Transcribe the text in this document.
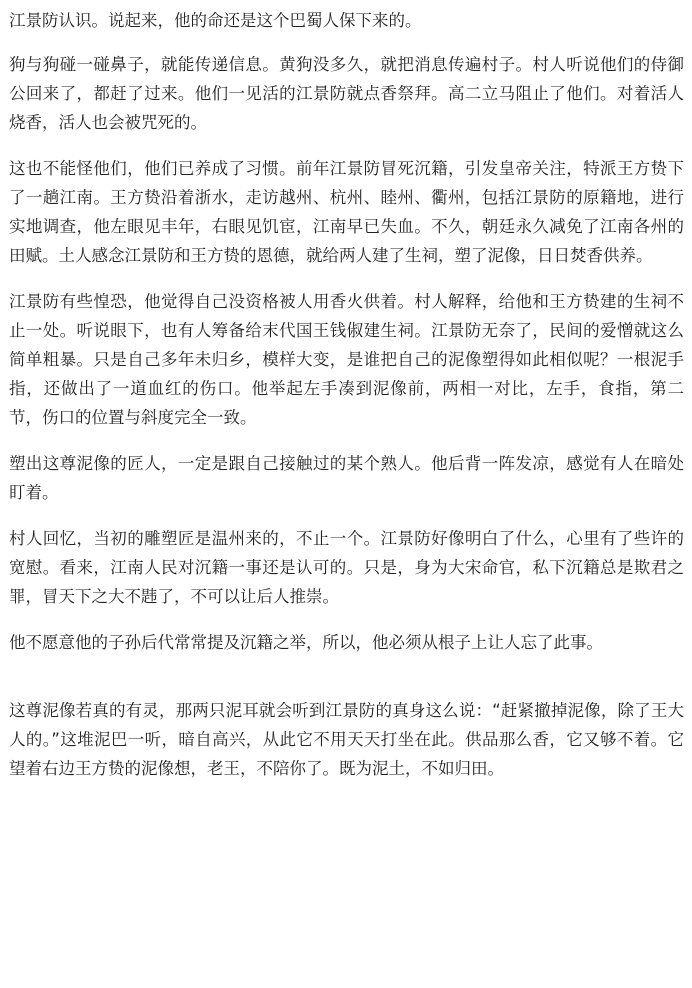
江景防认识。说起来，他的命还是这个巴蜀人保下来的。

狗与狗碰一碰鼻子，就能传递信息。黄狗没多久，就把消息传遍村子。村人听说他们的侍御公回来了，都赶了过来。他们一见活的江景防就点香祭拜。高二立马阻止了他们。对着活人烧香，活人也会被咒死的。

这也不能怪他们，他们已养成了习惯。前年江景防冒死沉籍，引发皇帝关注，特派王方贽下了一趟江南。王方贽沿着浙水，走访越州、杭州、睦州、衢州，包括江景防的原籍地，进行实地调查，他左眼见丰年，右眼见饥宦，江南早已失血。不久，朝廷永久减免了江南各州的田赋。土人感念江景防和王方贽的恩德，就给两人建了生祠，塑了泥像，日日焚香供养。

江景防有些惶恐，他觉得自己没资格被人用香火供着。村人解释，给他和王方贽建的生祠不止一处。听说眼下，也有人筹备给末代国王钱俶建生祠。江景防无奈了，民间的爱憎就这么简单粗暴。只是自己多年未归乡，模样大变，是谁把自己的泥像塑得如此相似呢？一根泥手指，还做出了一道血红的伤口。他举起左手凑到泥像前，两相一对比，左手，食指，第二节，伤口的位置与斜度完全一致。

塑出这尊泥像的匠人，一定是跟自己接触过的某个熟人。他后背一阵发凉，感觉有人在暗处盯着。

村人回忆，当初的雕塑匠是温州来的，不止一个。江景防好像明白了什么，心里有了些许的宽慰。看来，江南人民对沉籍一事还是认可的。只是，身为大宋命官，私下沉籍总是欺君之罪，冒天下之大不韪了，不可以让后人推崇。

他不愿意他的子孙后代常常提及沉籍之举，所以，他必须从根子上让人忘了此事。

这尊泥像若真的有灵，那两只泥耳就会听到江景防的真身这么说：“赶紧撤掉泥像，除了王大人的。”这堆泥巴一听，暗自高兴，从此它不用天天打坐在此。供品那么香，它又够不着。它望着右边王方贽的泥像想，老王，不陪你了。既为泥土，不如归田。
